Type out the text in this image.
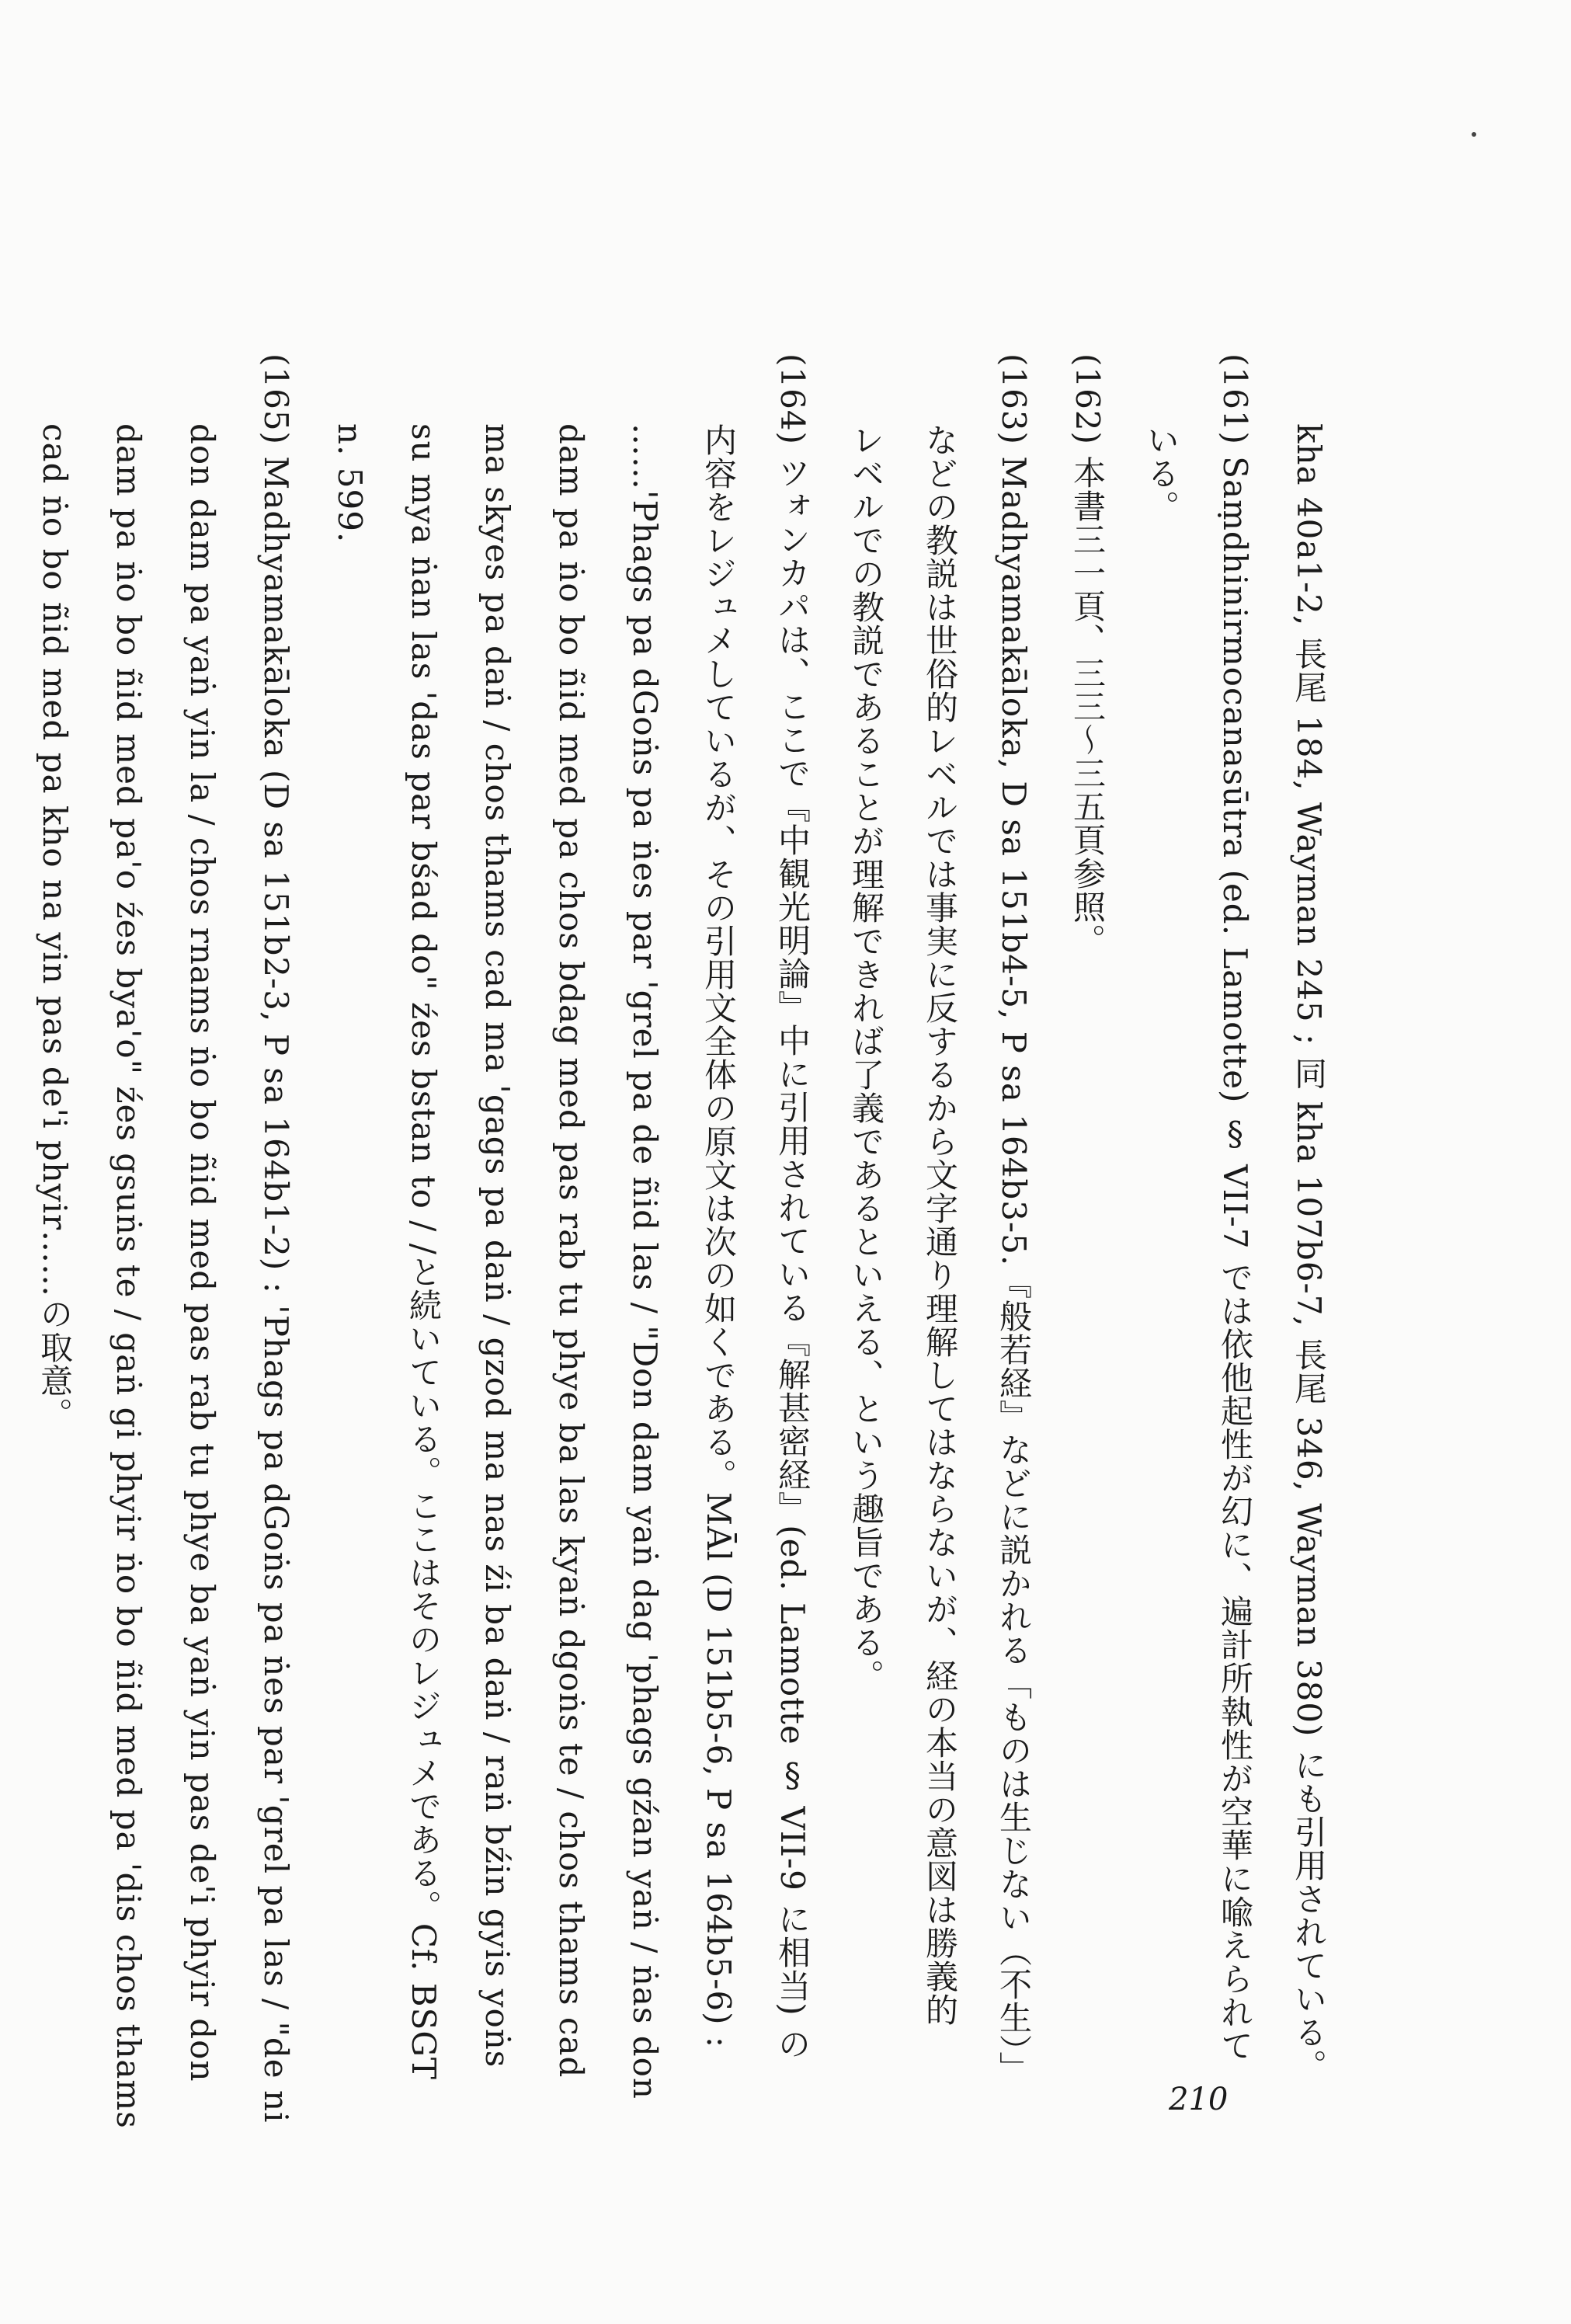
kha 40a1-2, 長尾 184, Wayman 245 ; 同 kha 107b6-7, 長尾 346, Wayman 380) にも引用されている。
(161) Saṃdhinirmocanasūtra (ed. Lamotte) § VII-7 では依他起性が幻に、遍計所執性が空華に喩えられて
いる。
(162) 本書三一頁、三三〜三五頁参照。
(163) Madhyamakāloka, D sa 151b4-5, P sa 164b3-5.『般若経』などに説かれる「ものは生じない（不生）」
などの教説は世俗的レベルでは事実に反するから文字通り理解してはならないが、経の本当の意図は勝義的
レベルでの教説であることが理解できれば了義であるといえる、という趣旨である。
(164) ツォンカパは、ここで『中観光明論』中に引用されている『解甚密経』(ed. Lamotte § VII-9 に相当) の
内容をレジュメしているが、その引用文全体の原文は次の如くである。MĀl (D 151b5-6, P sa 164b5-6) :
……'Phags pa dGoṅs pa ṅes par 'grel pa de ñid las / "Don dam yaṅ dag 'phags gźan yaṅ / ṅas don
dam pa ṅo bo ñid med pa chos bdag med pas rab tu phye ba las kyaṅ dgoṅs te / chos thams cad
ma skyes pa daṅ / chos thams cad ma 'gags pa daṅ / gzod ma nas źi ba daṅ / raṅ bźin gyis yoṅs
su mya ṅan las 'das par bśad do" źes bstan to / /と続いている。ここはそのレジュメである。Cf. BSGT
n. 599.
(165) Madhyamakāloka (D sa 151b2-3, P sa 164b1-2) : 'Phags pa dGoṅs pa ṅes par 'grel pa las / "de ni
don dam pa yaṅ yin la / chos rnams ṅo bo ñid med pas rab tu phye ba yaṅ yin pas de'i phyir don
dam pa ṅo bo ñid med pa'o źes bya'o" źes gsuṅs te / gaṅ gi phyir ṅo bo ñid med pa 'dis chos thams
cad ṅo bo ñid med pa kho na yin pas de'i phyir……の取意。
210
